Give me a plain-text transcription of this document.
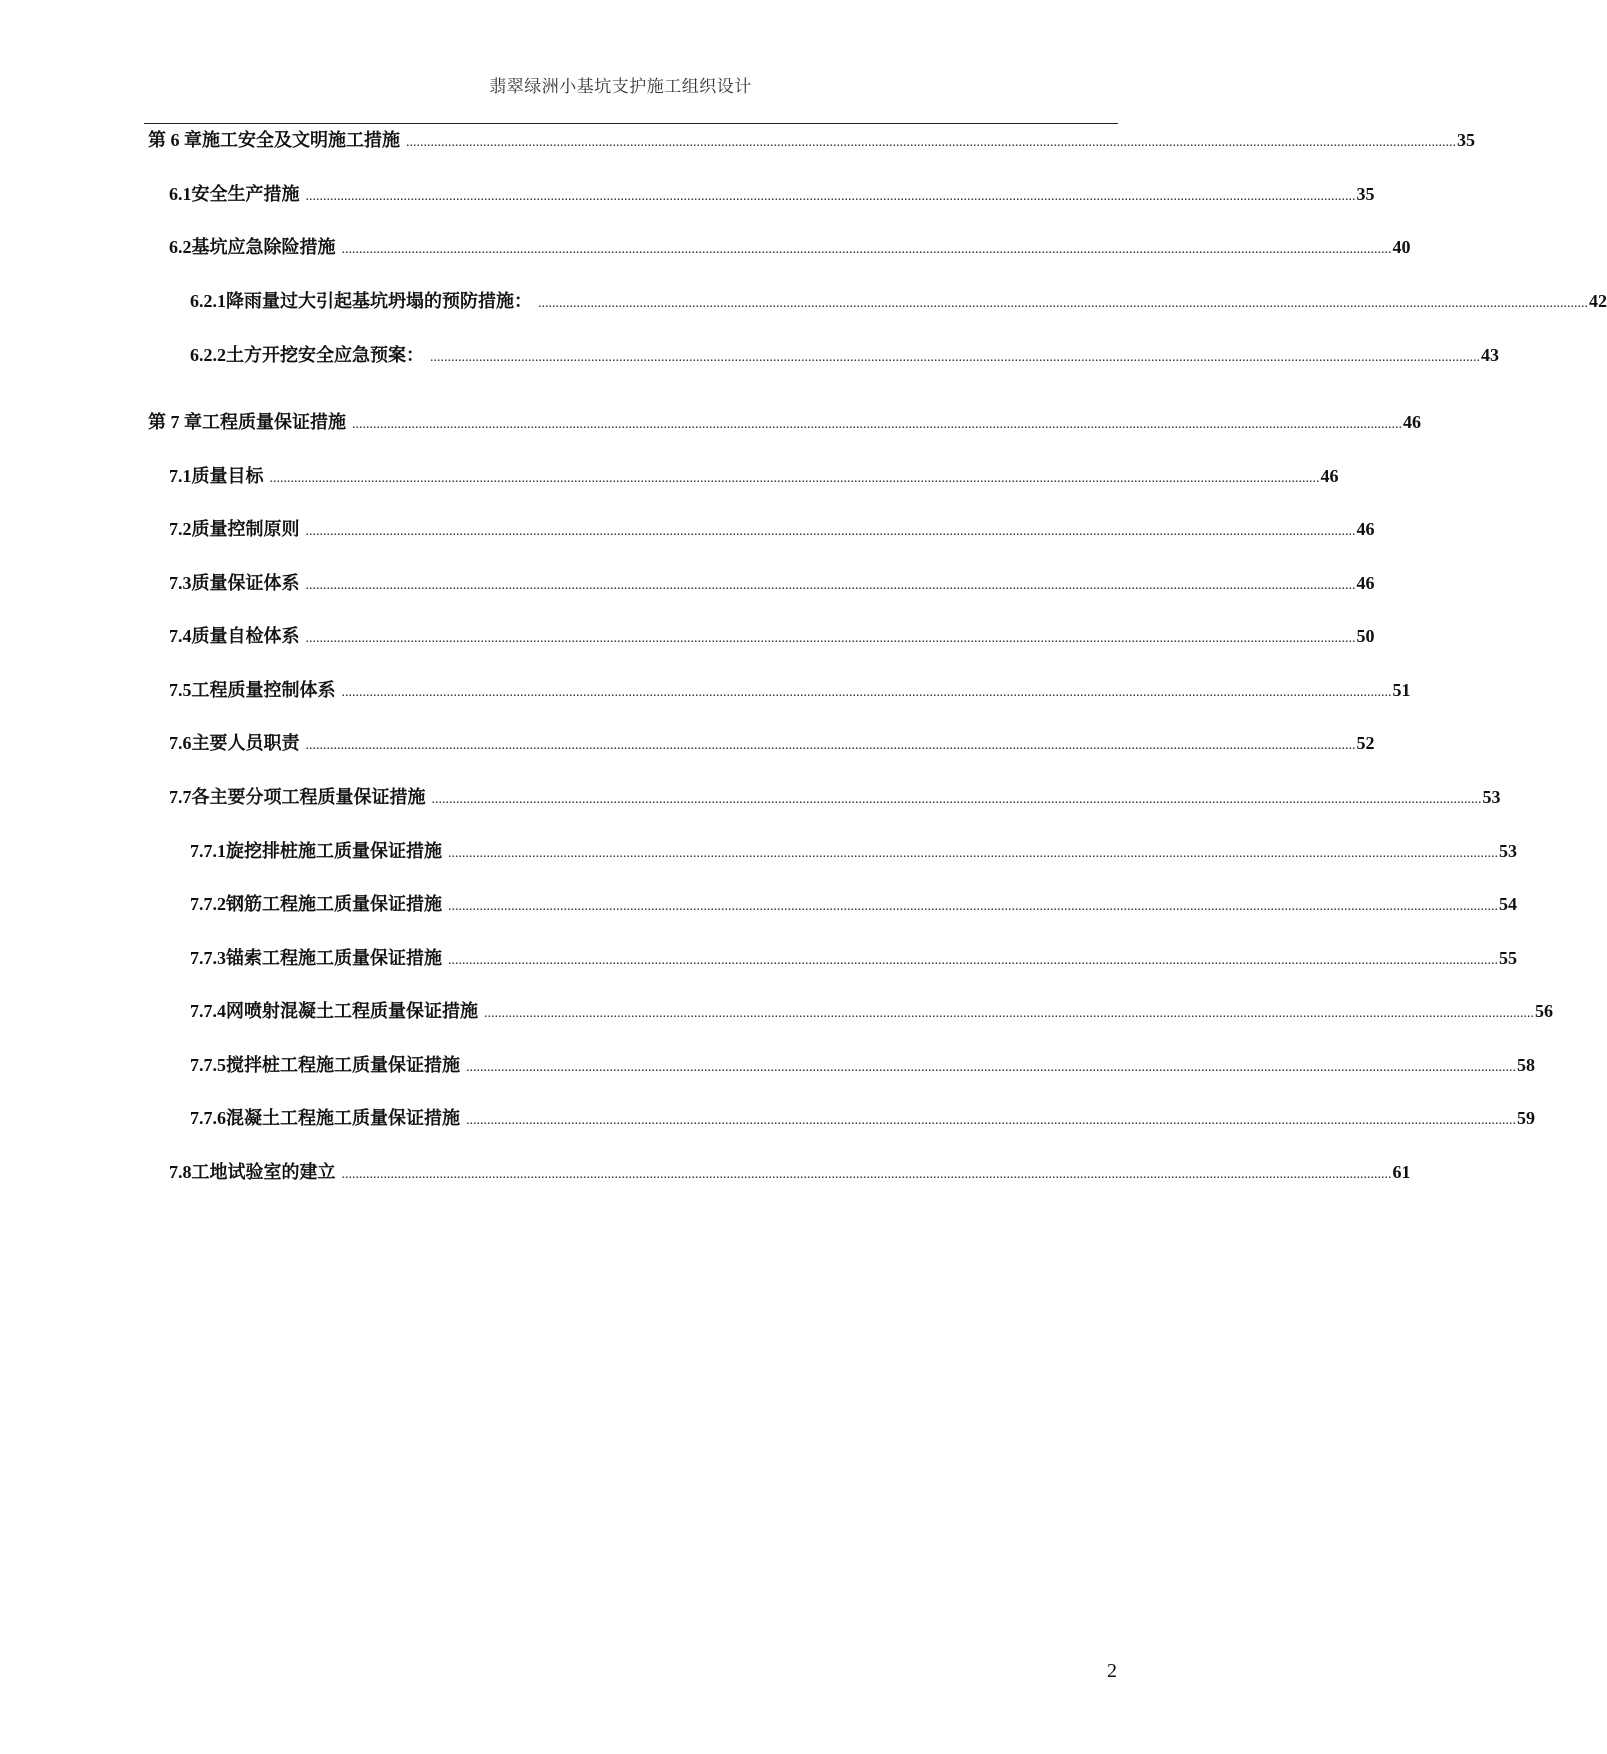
翡翠绿洲小基坑支护施工组织设计
第 6 章 施工安全及文明施工措施 ............................................................................................................................................................................................................................................................................................................ 35
6.1 安全生产措施 ............................................................................................................................................................................................................................................................................................................ 35
6.2 基坑应急除险措施 ............................................................................................................................................................................................................................................................................................................ 40
6.2.1 降雨量过大引起基坑坍塌的预防措施： ............................................................................................................................................................................................................................................................................................................ 42
6.2.2 土方开挖安全应急预案： ............................................................................................................................................................................................................................................................................................................ 43
第 7 章 工程质量保证措施 ............................................................................................................................................................................................................................................................................................................ 46
7.1 质量目标 ............................................................................................................................................................................................................................................................................................................ 46
7.2 质量控制原则 ............................................................................................................................................................................................................................................................................................................ 46
7.3 质量保证体系 ............................................................................................................................................................................................................................................................................................................ 46
7.4 质量自检体系 ............................................................................................................................................................................................................................................................................................................ 50
7.5 工程质量控制体系 ............................................................................................................................................................................................................................................................................................................ 51
7.6 主要人员职责 ............................................................................................................................................................................................................................................................................................................ 52
7.7 各主要分项工程质量保证措施 ............................................................................................................................................................................................................................................................................................................ 53
7.7.1 旋挖排桩施工质量保证措施 ............................................................................................................................................................................................................................................................................................................ 53
7.7.2 钢筋工程施工质量保证措施 ............................................................................................................................................................................................................................................................................................................ 54
7.7.3 锚索工程施工质量保证措施 ............................................................................................................................................................................................................................................................................................................ 55
7.7.4 网喷射混凝土工程质量保证措施 ............................................................................................................................................................................................................................................................................................................ 56
7.7.5 搅拌桩工程施工质量保证措施 ............................................................................................................................................................................................................................................................................................................ 58
7.7.6 混凝土工程施工质量保证措施 ............................................................................................................................................................................................................................................................................................................ 59
7.8 工地试验室的建立 ............................................................................................................................................................................................................................................................................................................ 61
2
